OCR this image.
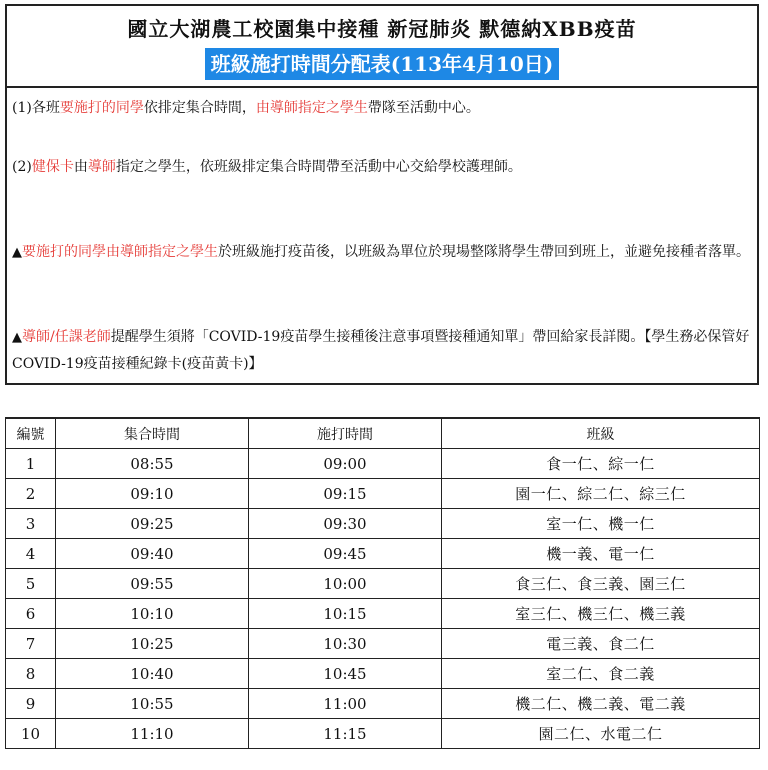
國立大湖農工校園集中接種 新冠肺炎 默德納XBB疫苗
班級施打時間分配表(113年4月10日)
(1)各班要施打的同學依排定集合時間，由導師指定之學生帶隊至活動中心。
(2)健保卡由導師指定之學生，依班級排定集合時間帶至活動中心交給學校護理師。
▲要施打的同學由導師指定之學生於班級施打疫苗後，以班級為單位於現場整隊將學生帶回到班上，並避免接種者落單。
▲導師/任課老師提醒學生須將「COVID-19疫苗學生接種後注意事項暨接種通知單」帶回給家長詳閱。【學生務必保管好COVID-19疫苗接種紀錄卡(疫苗黃卡)】
編號	集合時間	施打時間	班級
1	08:55	09:00	食一仁、綜一仁
2	09:10	09:15	園一仁、綜二仁、綜三仁
3	09:25	09:30	室一仁、機一仁
4	09:40	09:45	機一義、電一仁
5	09:55	10:00	食三仁、食三義、園三仁
6	10:10	10:15	室三仁、機三仁、機三義
7	10:25	10:30	電三義、食二仁
8	10:40	10:45	室二仁、食二義
9	10:55	11:00	機二仁、機二義、電二義
10	11:10	11:15	園二仁、水電二仁
